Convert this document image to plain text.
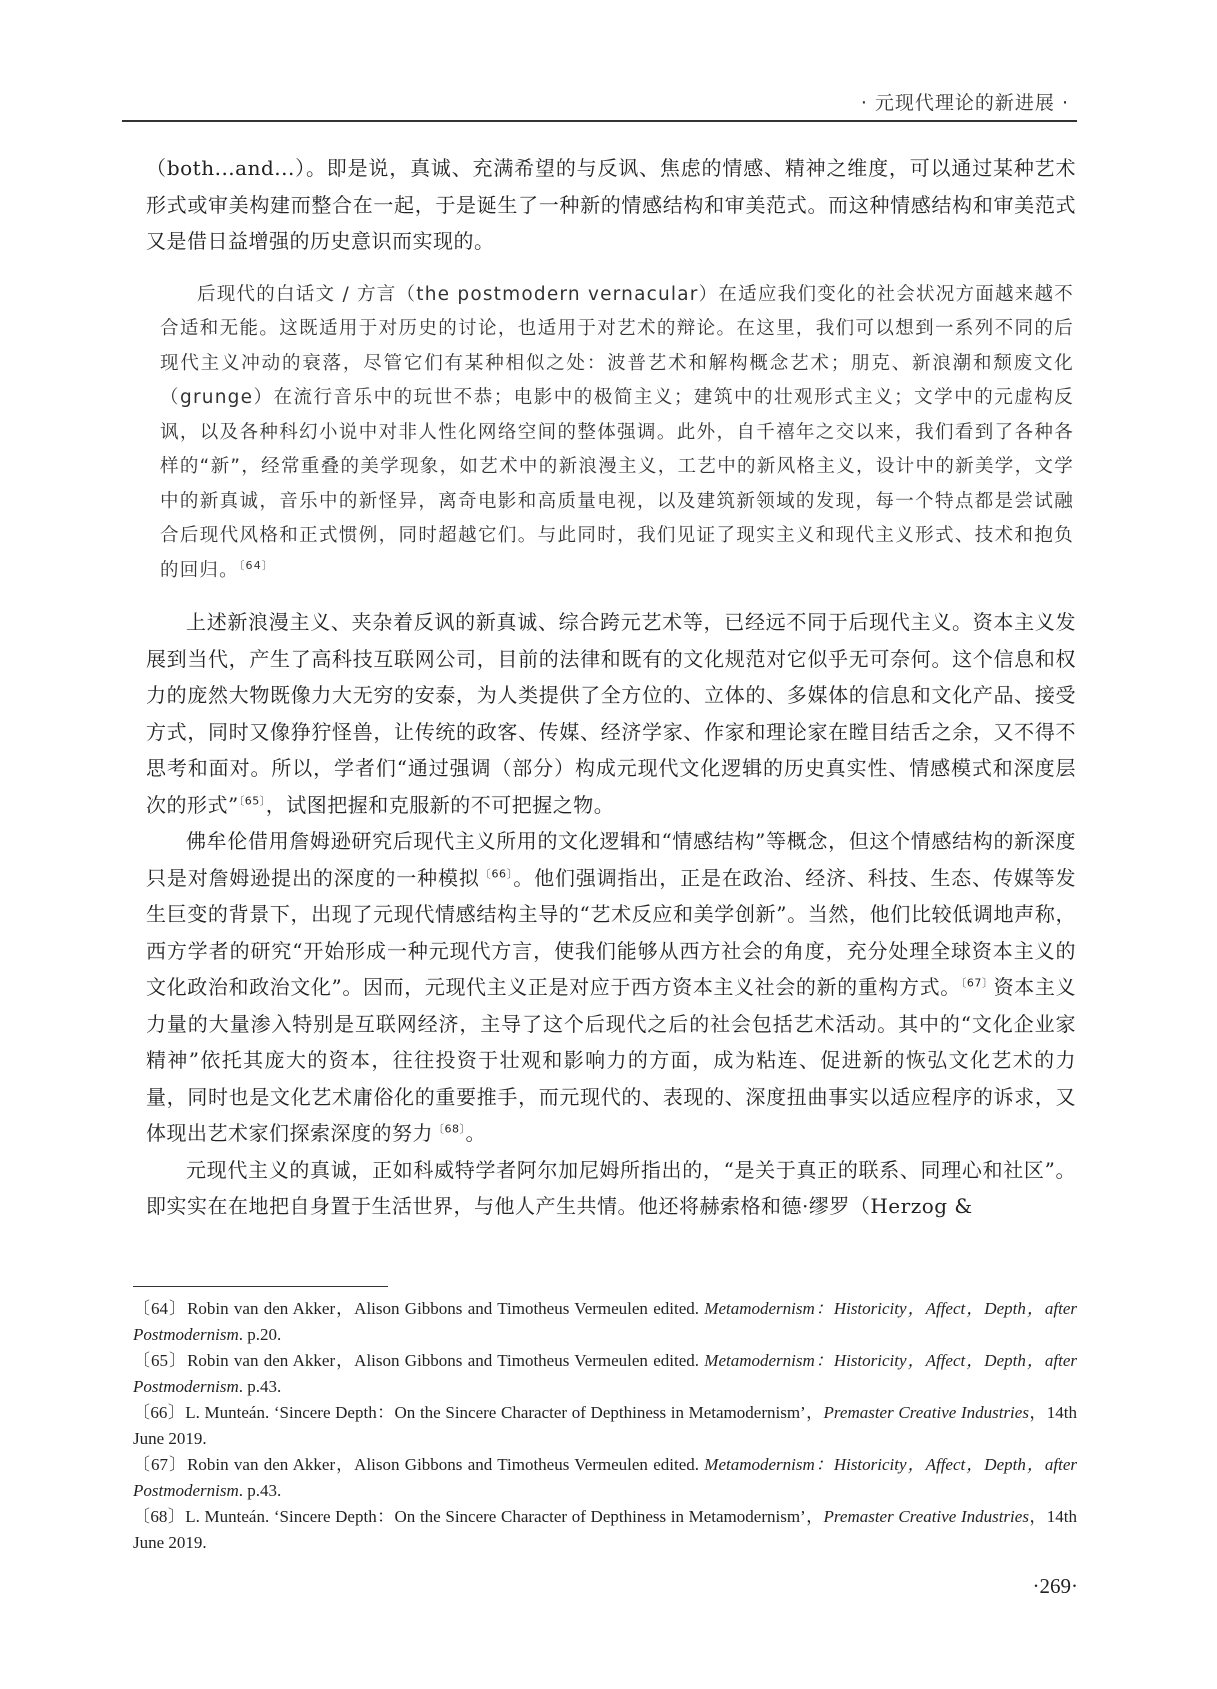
· 元现代理论的新进展 ·

（both...and...）。即是说，真诚、充满希望的与反讽、焦虑的情感、精神之维度，可以通过某种艺术形式或审美构建而整合在一起，于是诞生了一种新的情感结构和审美范式。而这种情感结构和审美范式又是借日益增强的历史意识而实现的。

后现代的白话文 / 方言（the postmodern vernacular）在适应我们变化的社会状况方面越来越不合适和无能。这既适用于对历史的讨论，也适用于对艺术的辩论。在这里，我们可以想到一系列不同的后现代主义冲动的衰落，尽管它们有某种相似之处：波普艺术和解构概念艺术；朋克、新浪潮和颓废文化（grunge）在流行音乐中的玩世不恭；电影中的极简主义；建筑中的壮观形式主义；文学中的元虚构反讽，以及各种科幻小说中对非人性化网络空间的整体强调。此外，自千禧年之交以来，我们看到了各种各样的“新”，经常重叠的美学现象，如艺术中的新浪漫主义，工艺中的新风格主义，设计中的新美学，文学中的新真诚，音乐中的新怪异，离奇电影和高质量电视，以及建筑新领域的发现，每一个特点都是尝试融合后现代风格和正式惯例，同时超越它们。与此同时，我们见证了现实主义和现代主义形式、技术和抱负的回归。$^{〔64〕}$

上述新浪漫主义、夹杂着反讽的新真诚、综合跨元艺术等，已经远不同于后现代主义。资本主义发展到当代，产生了高科技互联网公司，目前的法律和既有的文化规范对它似乎无可奈何。这个信息和权力的庞然大物既像力大无穷的安泰，为人类提供了全方位的、立体的、多媒体的信息和文化产品、接受方式，同时又像狰狞怪兽，让传统的政客、传媒、经济学家、作家和理论家在瞠目结舌之余，又不得不思考和面对。所以，学者们“通过强调（部分）构成元现代文化逻辑的历史真实性、情感模式和深度层次的形式”$^{〔65〕}$，试图把握和克服新的不可把握之物。

佛牟伦借用詹姆逊研究后现代主义所用的文化逻辑和“情感结构”等概念，但这个情感结构的新深度只是对詹姆逊提出的深度的一种模拟$^{〔66〕}$。他们强调指出，正是在政治、经济、科技、生态、传媒等发生巨变的背景下，出现了元现代情感结构主导的“艺术反应和美学创新”。当然，他们比较低调地声称，西方学者的研究“开始形成一种元现代方言，使我们能够从西方社会的角度，充分处理全球资本主义的文化政治和政治文化”。因而，元现代主义正是对应于西方资本主义社会的新的重构方式。$^{〔67〕}$资本主义力量的大量渗入特别是互联网经济，主导了这个后现代之后的社会包括艺术活动。其中的“文化企业家精神”依托其庞大的资本，往往投资于壮观和影响力的方面，成为粘连、促进新的恢弘文化艺术的力量，同时也是文化艺术庸俗化的重要推手，而元现代的、表现的、深度扭曲事实以适应程序的诉求，又体现出艺术家们探索深度的努力$^{〔68〕}$。

元现代主义的真诚，正如科威特学者阿尔加尼姆所指出的，“是关于真正的联系、同理心和社区”。即实实在在地把自身置于生活世界，与他人产生共情。他还将赫索格和德·缪罗（Herzog &

〔64〕Robin van den Akker，Alison Gibbons and Timotheus Vermeulen edited. Metamodernism：Historicity，Affect，Depth，after Postmodernism. p.20.

〔65〕Robin van den Akker，Alison Gibbons and Timotheus Vermeulen edited. Metamodernism：Historicity，Affect，Depth，after Postmodernism. p.43.

〔66〕L. Munteán. ‘Sincere Depth：On the Sincere Character of Depthiness in Metamodernism’，Premaster Creative Industries，14th June 2019.

〔67〕Robin van den Akker，Alison Gibbons and Timotheus Vermeulen edited. Metamodernism：Historicity，Affect，Depth，after Postmodernism. p.43.

〔68〕L. Munteán. ‘Sincere Depth：On the Sincere Character of Depthiness in Metamodernism’，Premaster Creative Industries，14th June 2019.

·269·
